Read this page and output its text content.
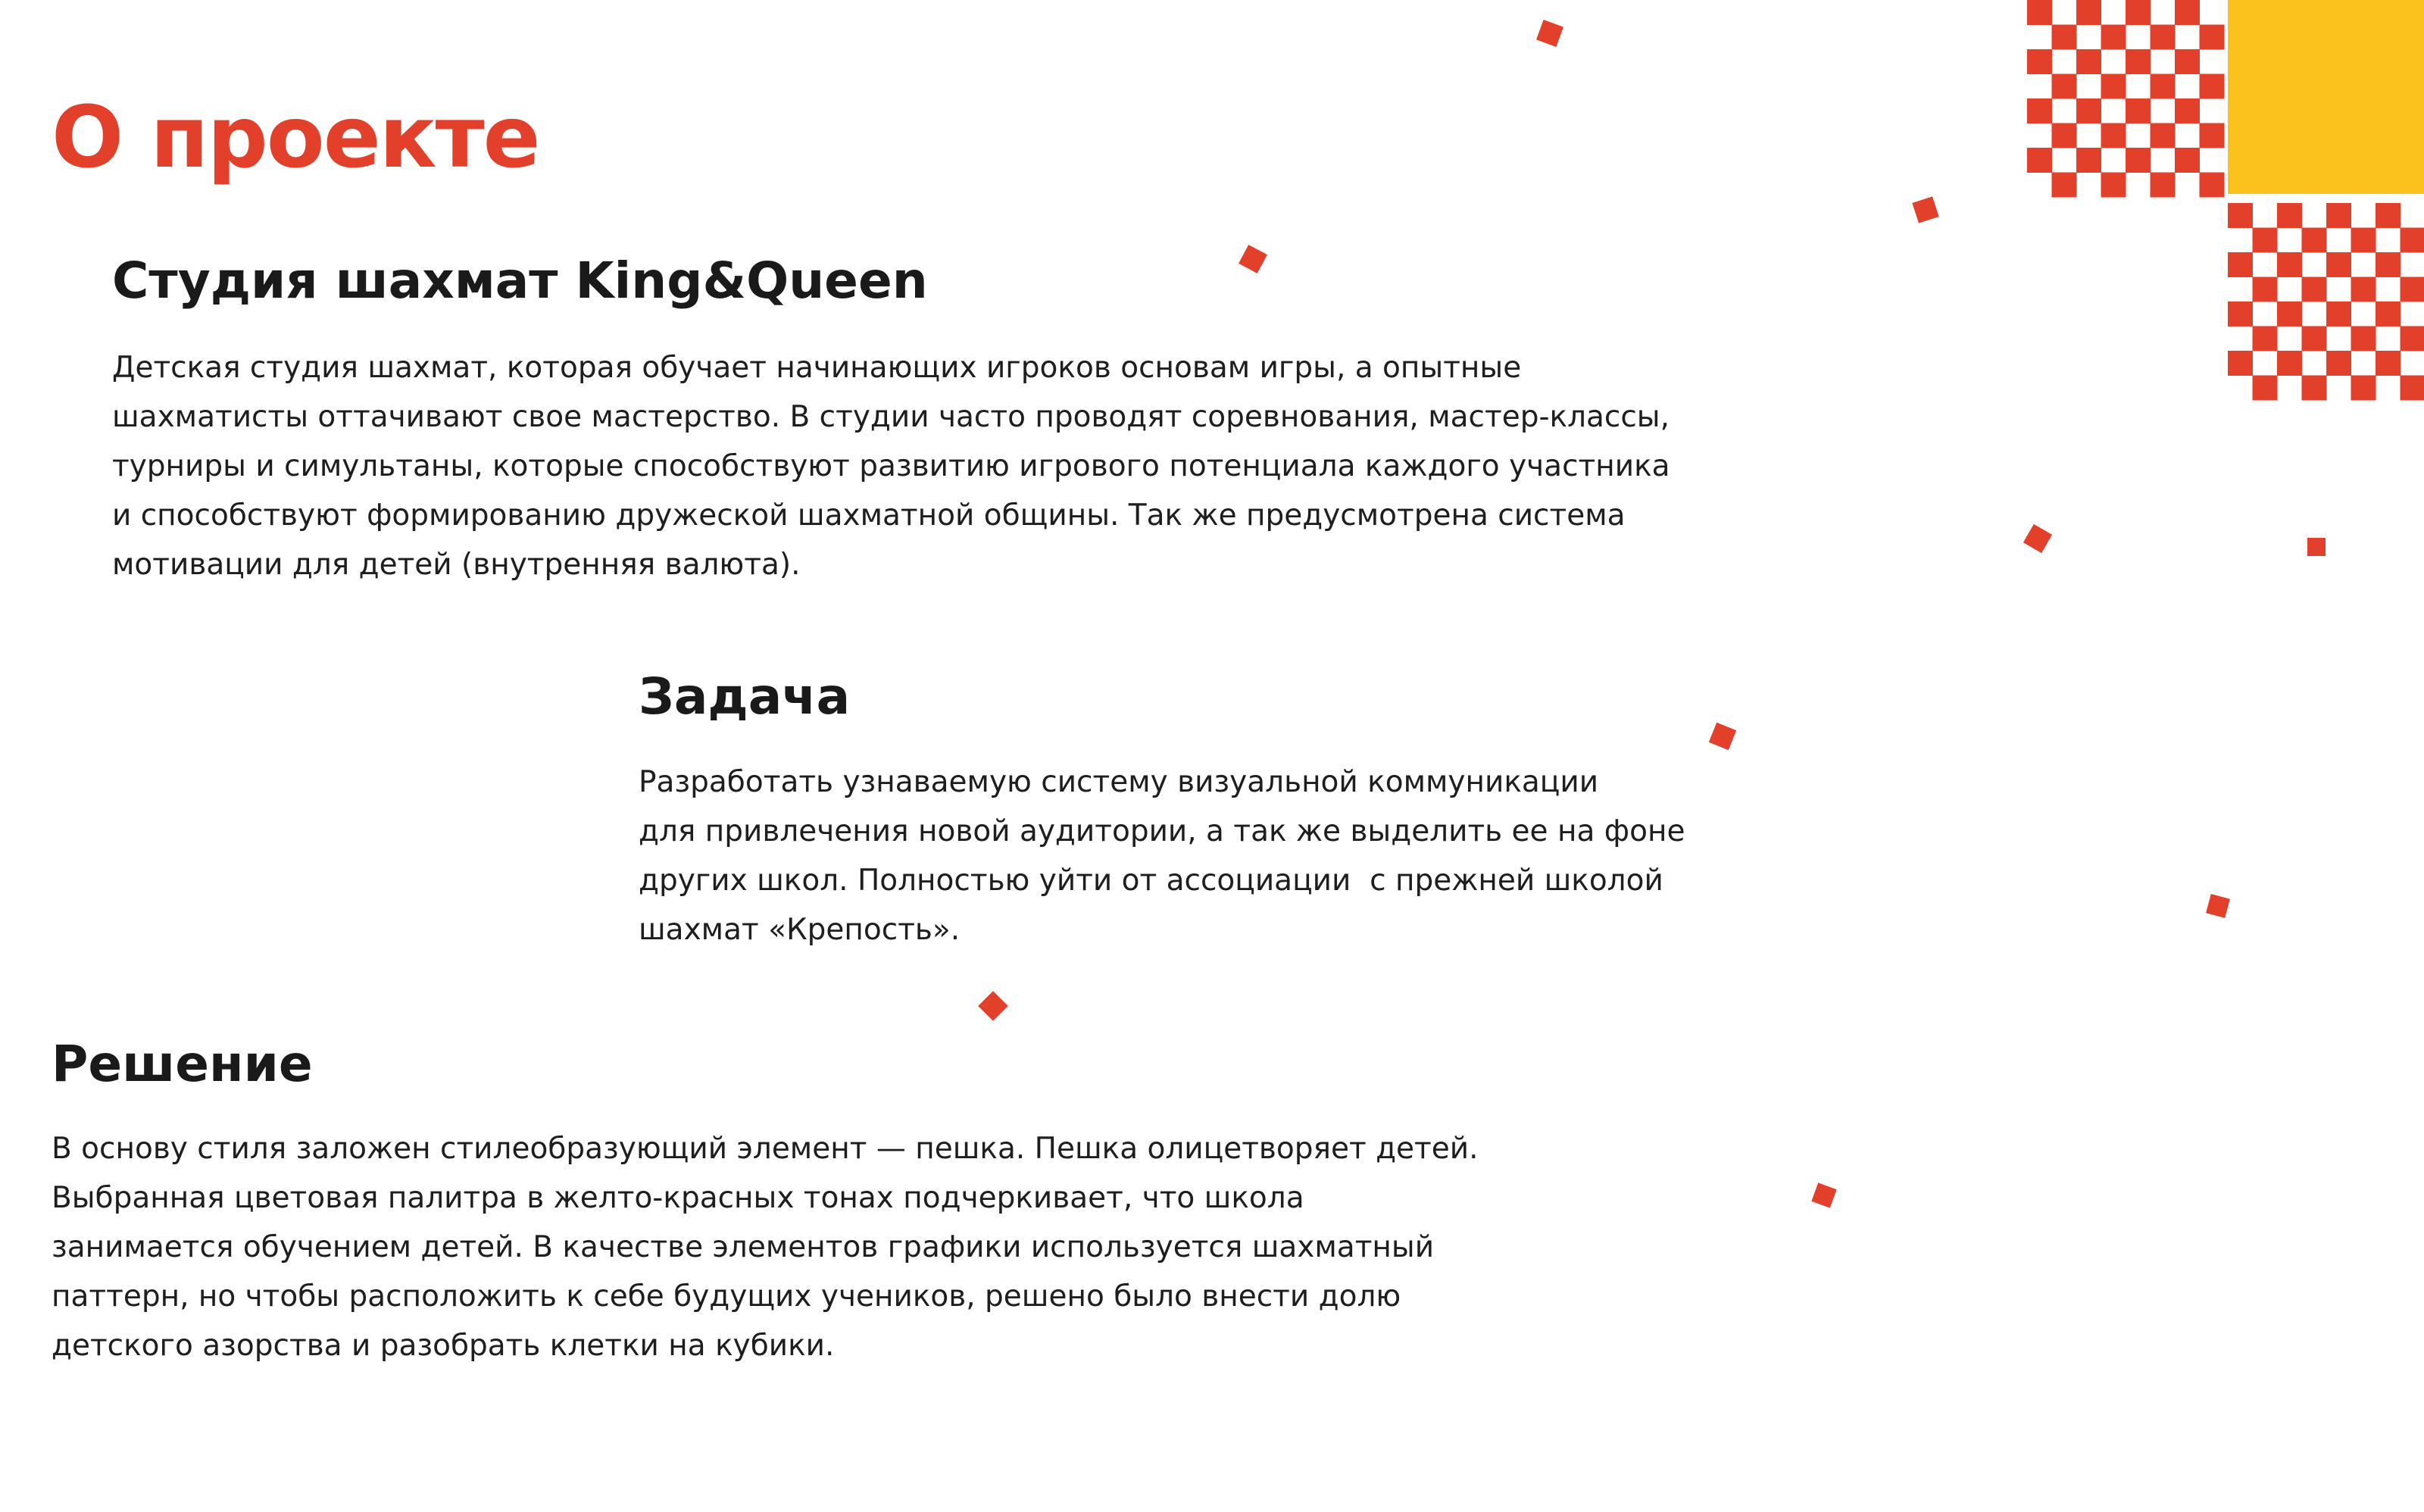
О проекте
Студия шахмат King&Queen

Детская студия шахмат, которая обучает начинающих игроков основам игры, а опытные
шахматисты оттачивают свое мастерство. В студии часто проводят соревнования, мастер-классы,
турниры и симультаны, которые способствуют развитию игрового потенциала каждого участника
и способствуют формированию дружеской шахматной общины. Так же предусмотрена система
мотивации для детей (внутренняя валюта).

Задача

Разработать узнаваемую систему визуальной коммуникации
для привлечения новой аудитории, а так же выделить ее на фоне
других школ. Полностью уйти от ассоциации  с прежней школой
шахмат «Крепость».

Решение

В основу стиля заложен стилеобразующий элемент — пешка. Пешка олицетворяет детей.
Выбранная цветовая палитра в желто-красных тонах подчеркивает, что школа
занимается обучением детей. В качестве элементов графики используется шахматный
паттерн, но чтобы расположить к себе будущих учеников, решено было внести долю
детского азорства и разобрать клетки на кубики.
